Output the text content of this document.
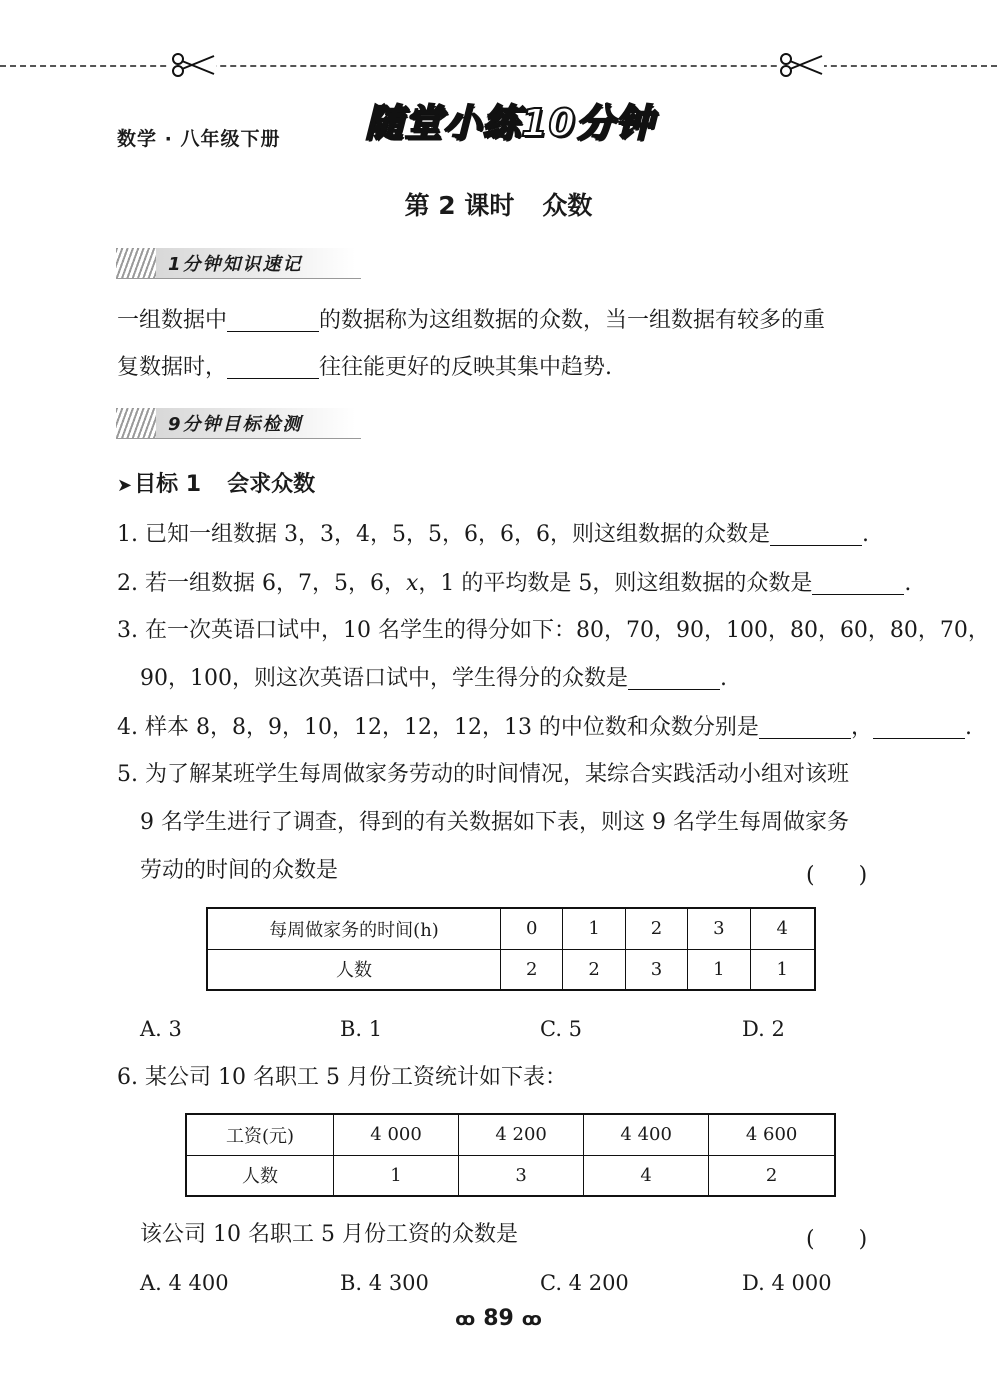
数学 · 八年级下册 随堂小练10分钟
第 2 课时 众数
1分钟知识速记
一组数据中	的数据称为这组数据的众数，当一组数据有较多的重
复数据时，	往往能更好的反映其集中趋势.
9分钟目标检测
➤目标 1 会求众数
1. 已知一组数据 3，3，4，5，5，6，6，6，则这组数据的众数是	.
2. 若一组数据 6，7，5，6，x，1 的平均数是 5，则这组数据的众数是	.
3. 在一次英语口试中，10 名学生的得分如下：80，70，90，100，80，60，80，70，
90，100，则这次英语口试中，学生得分的众数是	.
4. 样本 8，8，9，10，12，12，12，13 的中位数和众数分别是	，	.
5. 为了解某班学生每周做家务劳动的时间情况，某综合实践活动小组对该班
9 名学生进行了调查，得到的有关数据如下表，则这 9 名学生每周做家务
劳动的时间的众数是	(　　)
每周做家务的时间(h)	0	1	2	3	4
人数	2	2	3	1	1
A. 3	B. 1	C. 5	D. 2
6. 某公司 10 名职工 5 月份工资统计如下表：
工资(元)	4 000	4 200	4 400	4 600
人数	1	3	4	2
该公司 10 名职工 5 月份工资的众数是	(　　)
A. 4 400	B. 4 300	C. 4 200	D. 4 000
ꝏ 89 ꝏ
